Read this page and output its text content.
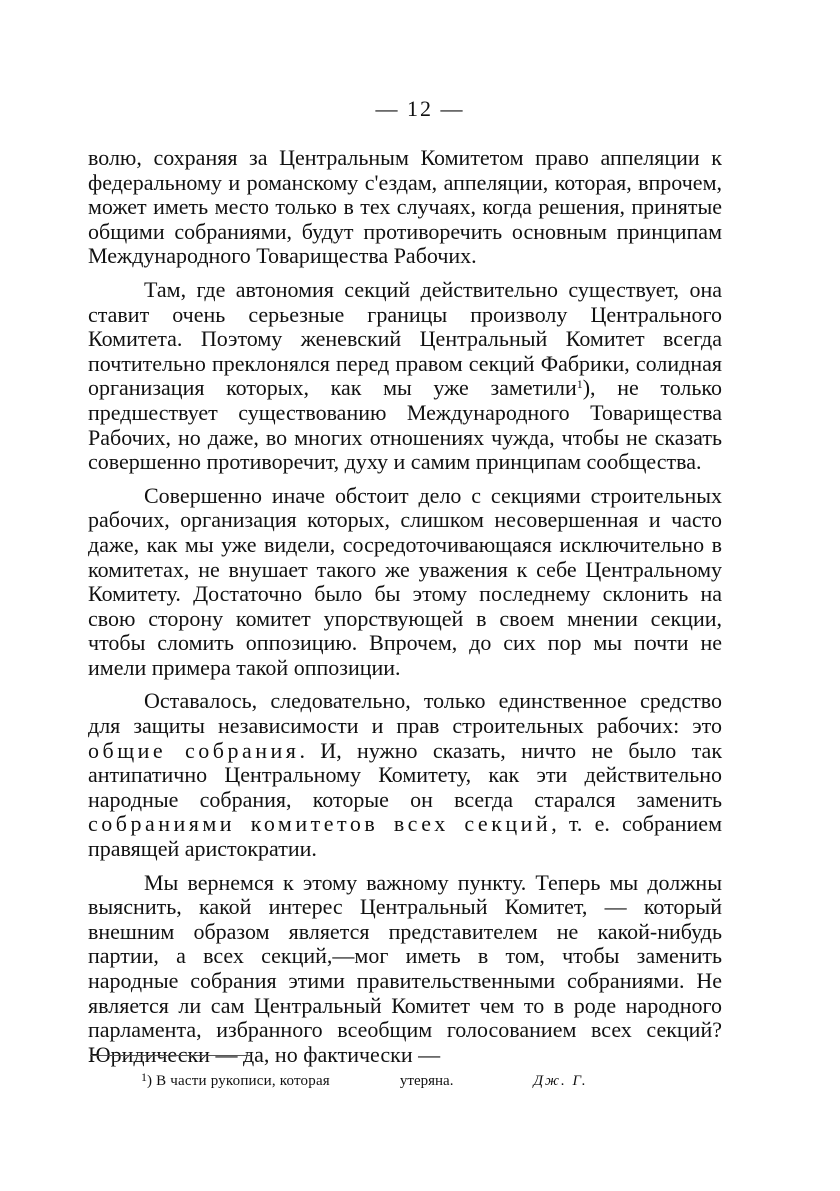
— 12 —

волю, сохраняя за Центральным Комитетом право аппеляции к федеральному и романскому с'ездам, аппеляции, которая, впрочем, может иметь место только в тех случаях, когда решения, принятые общими собраниями, будут противоречить основным принципам Международного Товарищества Рабочих.

Там, где автономия секций действительно существует, она ставит очень серьезные границы произволу Центрального Комитета. Поэтому женевский Центральный Комитет всегда почтительно преклонялся перед правом секций Фабрики, солидная организация которых, как мы уже заметили$^1$), не только предшествует существованию Международного Товарищества Рабочих, но даже, во многих отношениях чужда, чтобы не сказать совершенно противоречит, духу и самим принципам сообщества.

Совершенно иначе обстоит дело с секциями строительных рабочих, организация которых, слишком несовершенная и часто даже, как мы уже видели, сосредоточивающаяся исключительно в комитетах, не внушает такого же уважения к себе Центральному Комитету. Достаточно было бы этому последнему склонить на свою сторону комитет упорствующей в своем мнении секции, чтобы сломить оппозицию. Впрочем, до сих пор мы почти не имели примера такой оппозиции.

Оставалось, следовательно, только единственное средство для защиты независимости и прав строительных рабочих: это общие собрания. И, нужно сказать, ничто не было так антипатично Центральному Комитету, как эти действительно народные собрания, которые он всегда старался заменить собраниями комитетов всех секций, т. е. собранием правящей аристократии.

Мы вернемся к этому важному пункту. Теперь мы должны выяснить, какой интерес Центральный Комитет, — который внешним образом является представителем не какой-нибудь партии, а всех секций,—мог иметь в том, чтобы заменить народные собрания этими правительственными собраниями. Не является ли сам Центральный Комитет чем то в роде народного парламента, избранного всеобщим голосованием всех секций? Юридически — да, но фактически —

$^1$) В части рукописи, которая	утеряна.	Дж. Г.
